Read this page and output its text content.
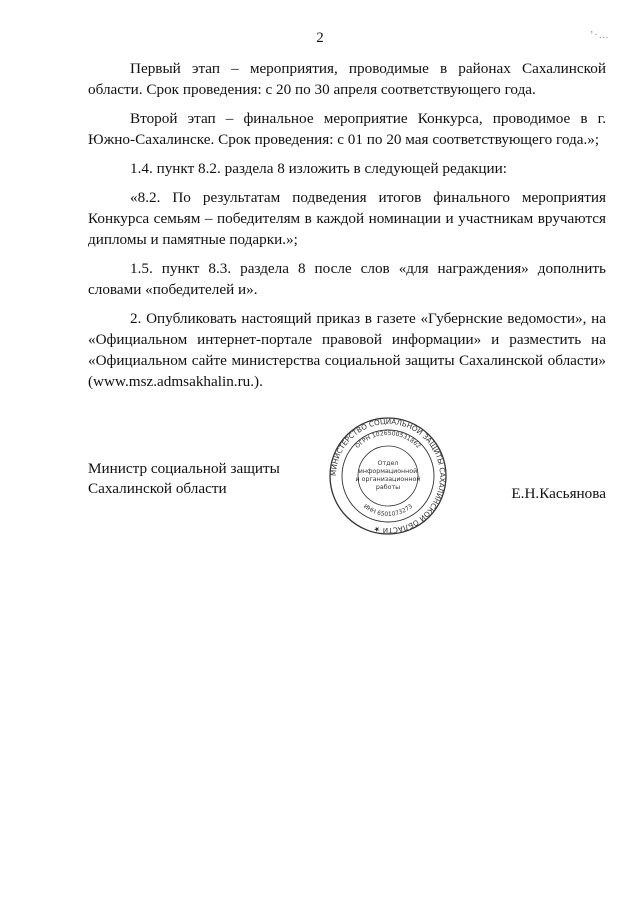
2	’·…

Первый этап – мероприятия, проводимые в районах Сахалинской области. Срок проведения: с 20 по 30 апреля соответствующего года.

Второй этап – финальное мероприятие Конкурса, проводимое в г. Южно-Сахалинске. Срок проведения: с 01 по 20 мая соответствующего года.»;

1.4. пункт 8.2. раздела 8 изложить в следующей редакции:

«8.2. По результатам подведения итогов финального мероприятия Конкурса семьям – победителям в каждой номинации и участникам вручаются дипломы и памятные подарки.»;

1.5. пункт 8.3. раздела 8 после слов «для награждения» дополнить словами «победителей и».

2. Опубликовать настоящий приказ в газете «Губернские ведомости», на «Официальном интернет-портале правовой информации» и разместить на «Официальном сайте министерства социальной защиты Сахалинской области» (www.msz.admsakhalin.ru.).

Министр социальной защиты
Сахалинской области	Е.Н.Касьянова
МИНИСТЕРСТВО СОЦИАЛЬНОЙ ЗАЩИТЫ САХАЛИНСКОЙ ОБЛАСТИ ★
ОГРН 1026500531862
ИНН 6501073273
Отдел
информационной
и организационной
работы
